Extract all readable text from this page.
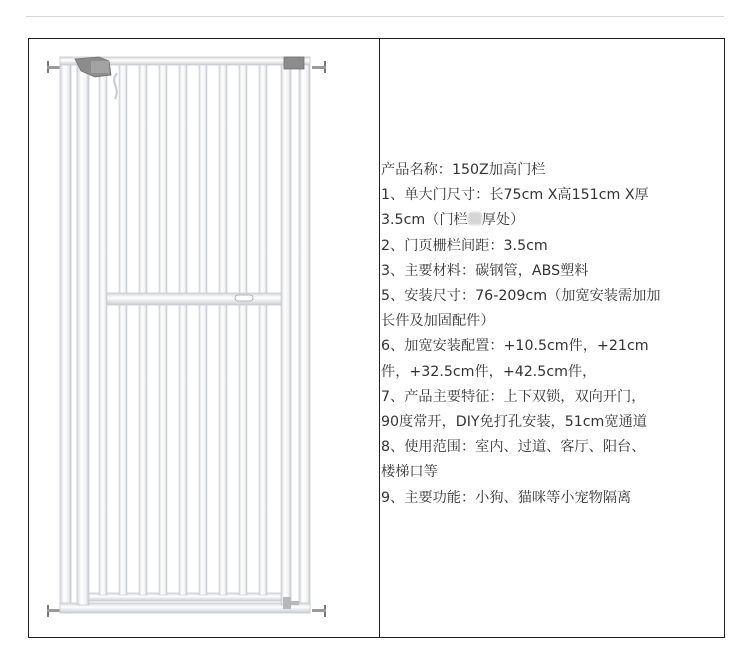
产品名称：150Z加高门栏
1、单大门尺寸：长75cm X高151cm X厚
3.5cm（门栏 厚处）
2、门页栅栏间距：3.5cm
3、主要材料：碳钢管，ABS塑料
5、安装尺寸：76-209cm（加宽安装需加加
长件及加固配件）
6、加宽安装配置：+10.5cm件，+21cm
件，+32.5cm件，+42.5cm件，
7、产品主要特征：上下双锁，双向开门，
90度常开，DIY免打孔安装，51cm宽通道
8、使用范围：室内、过道、客厅、阳台、
楼梯口等
9、主要功能：小狗、猫咪等小宠物隔离
